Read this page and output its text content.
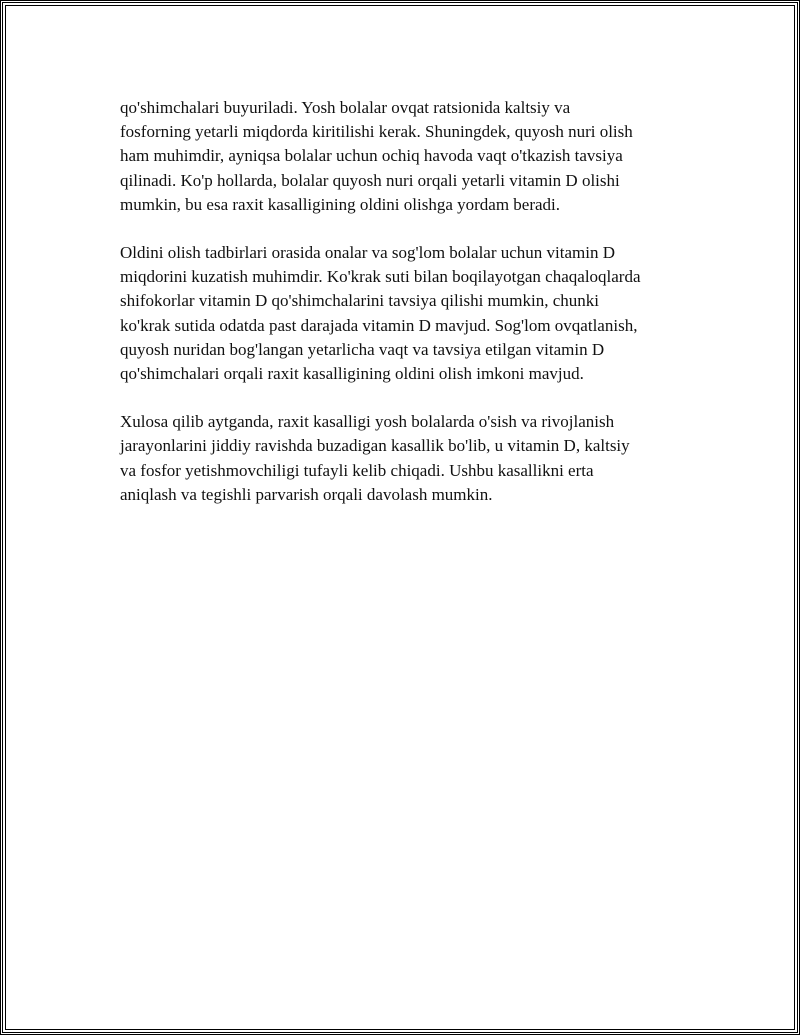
qo'shimchalari buyuriladi. Yosh bolalar ovqat ratsionida kaltsiy va
fosforning yetarli miqdorda kiritilishi kerak. Shuningdek, quyosh nuri olish
ham muhimdir, ayniqsa bolalar uchun ochiq havoda vaqt o'tkazish tavsiya
qilinadi. Ko'p hollarda, bolalar quyosh nuri orqali yetarli vitamin D olishi
mumkin, bu esa raxit kasalligining oldini olishga yordam beradi.

Oldini olish tadbirlari orasida onalar va sog'lom bolalar uchun vitamin D
miqdorini kuzatish muhimdir. Ko'krak suti bilan boqilayotgan chaqaloqlarda
shifokorlar vitamin D qo'shimchalarini tavsiya qilishi mumkin, chunki
ko'krak sutida odatda past darajada vitamin D mavjud. Sog'lom ovqatlanish,
quyosh nuridan bog'langan yetarlicha vaqt va tavsiya etilgan vitamin D
qo'shimchalari orqali raxit kasalligining oldini olish imkoni mavjud.

Xulosa qilib aytganda, raxit kasalligi yosh bolalarda o'sish va rivojlanish
jarayonlarini jiddiy ravishda buzadigan kasallik bo'lib, u vitamin D, kaltsiy
va fosfor yetishmovchiligi tufayli kelib chiqadi. Ushbu kasallikni erta
aniqlash va tegishli parvarish orqali davolash mumkin.
